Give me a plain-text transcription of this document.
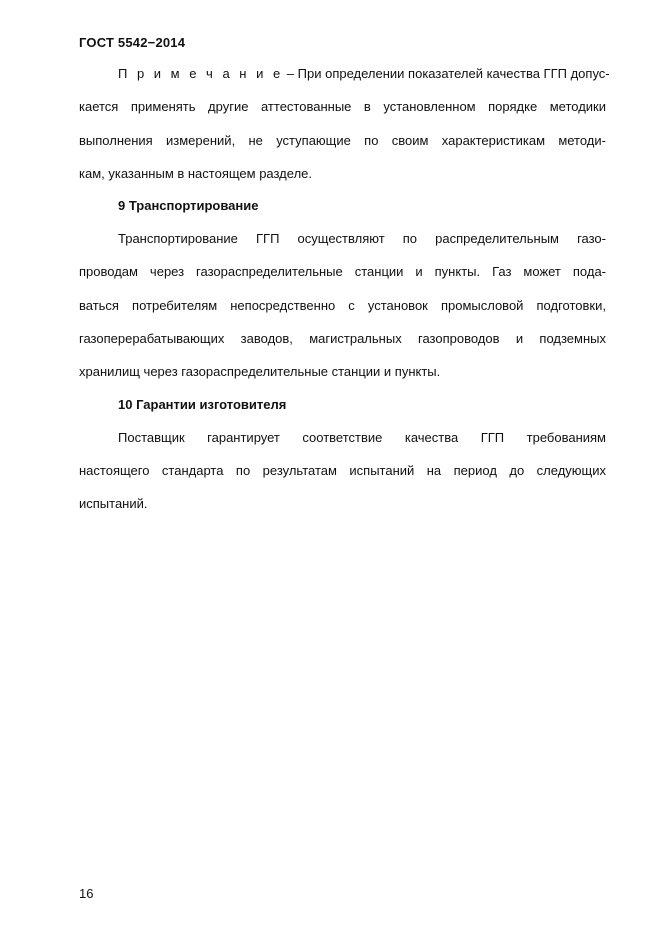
ГОСТ 5542−2014
П р и м е ч а н и е – При определении показателей качества ГГП допус-
кается применять другие аттестованные в установленном порядке методики
выполнения измерений, не уступающие по своим характеристикам методи-
кам, указанным в настоящем разделе.
9 Транспортирование
Транспортирование ГГП осуществляют по распределительным газо-
проводам через газораспределительные станции и пункты. Газ может пода-
ваться потребителям непосредственно с установок промысловой подготовки,
газоперерабатывающих заводов, магистральных газопроводов и подземных
хранилищ через газораспределительные станции и пункты.
10 Гарантии изготовителя
Поставщик гарантирует соответствие качества ГГП требованиям
настоящего стандарта по результатам испытаний на период до следующих
испытаний.
16
